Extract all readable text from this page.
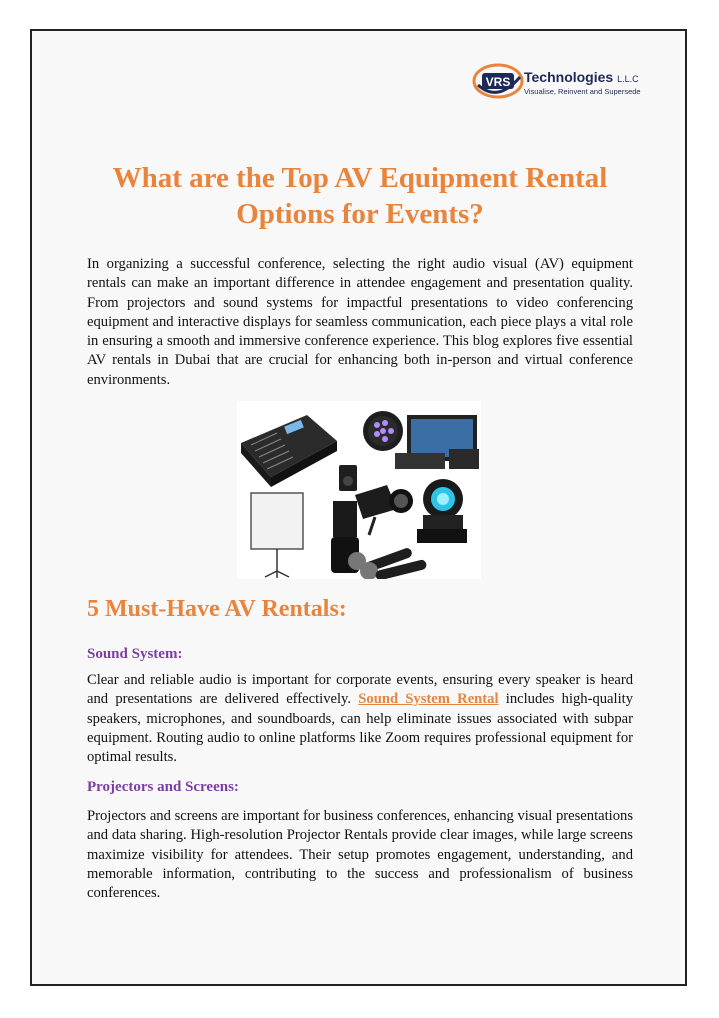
VRS Technologies L.L.C
Visualise, Reinvent and Supersede
What are the Top AV Equipment Rental Options for Events?

In organizing a successful conference, selecting the right audio visual (AV) equipment rentals can make an important difference in attendee engagement and presentation quality. From projectors and sound systems for impactful presentations to video conferencing equipment and interactive displays for seamless communication, each piece plays a vital role in ensuring a smooth and immersive conference experience. This blog explores five essential AV rentals in Dubai that are crucial for enhancing both in-person and virtual conference environments.

5 Must-Have AV Rentals:
Sound System:

Clear and reliable audio is important for corporate events, ensuring every speaker is heard and presentations are delivered effectively. Sound System Rental includes high-quality speakers, microphones, and soundboards, can help eliminate issues associated with subpar equipment. Routing audio to online platforms like Zoom requires professional equipment for optimal results.

Projectors and Screens:

Projectors and screens are important for business conferences, enhancing visual presentations and data sharing. High-resolution Projector Rentals provide clear images, while large screens maximize visibility for attendees. Their setup promotes engagement, understanding, and memorable information, contributing to the success and professionalism of business conferences.
